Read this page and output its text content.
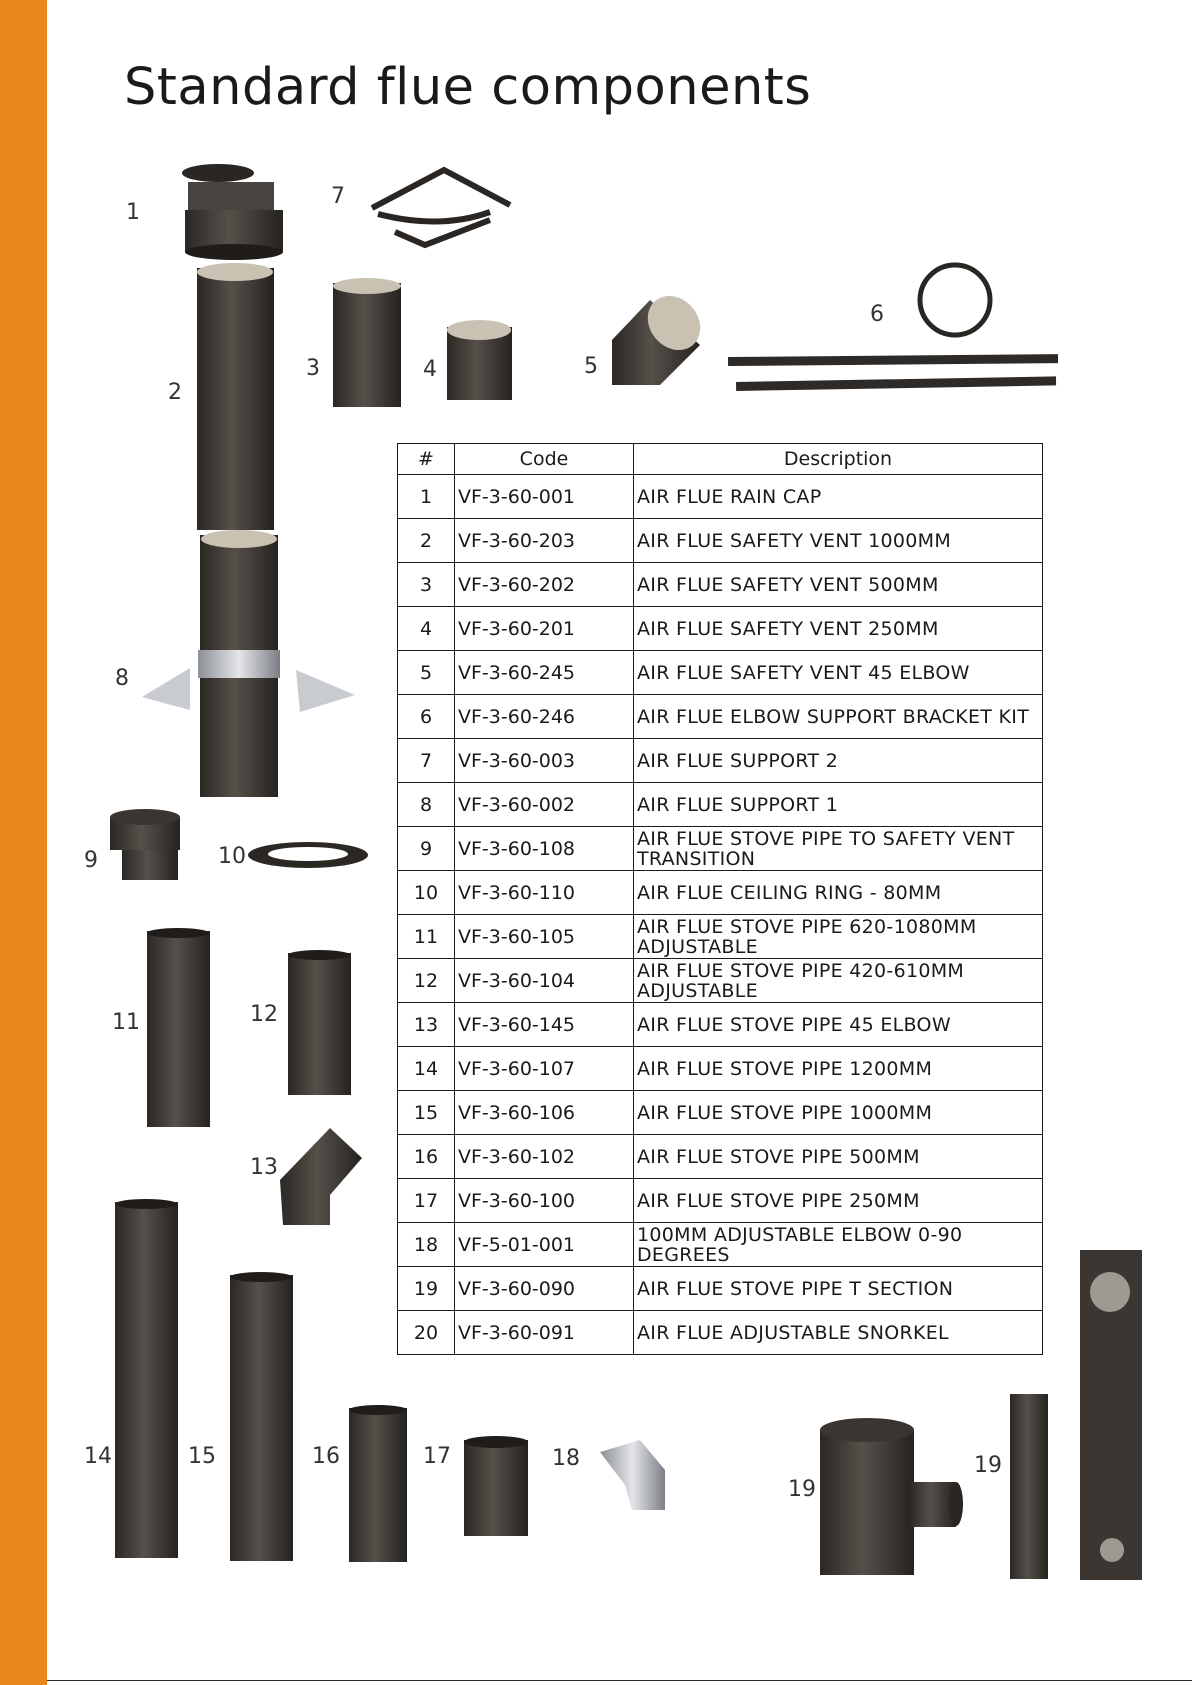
Standard flue components
1
7
6
2
3	4	5
8
9	10
11	12
13
14	15	16	17	18
19
19
#	Code	Description
1	VF-3-60-001	AIR FLUE RAIN CAP
2	VF-3-60-203	AIR FLUE SAFETY VENT 1000MM
3	VF-3-60-202	AIR FLUE SAFETY VENT 500MM
4	VF-3-60-201	AIR FLUE SAFETY VENT 250MM
5	VF-3-60-245	AIR FLUE SAFETY VENT 45 ELBOW
6	VF-3-60-246	AIR FLUE ELBOW SUPPORT BRACKET KIT
7	VF-3-60-003	AIR FLUE SUPPORT 2
8	VF-3-60-002	AIR FLUE SUPPORT 1
9	VF-3-60-108	AIR FLUE STOVE PIPE TO SAFETY VENT TRANSITION
10	VF-3-60-110	AIR FLUE CEILING RING - 80MM
11	VF-3-60-105	AIR FLUE STOVE PIPE 620-1080MM ADJUSTABLE
12	VF-3-60-104	AIR FLUE STOVE PIPE 420-610MM ADJUSTABLE
13	VF-3-60-145	AIR FLUE STOVE PIPE 45 ELBOW
14	VF-3-60-107	AIR FLUE STOVE PIPE 1200MM
15	VF-3-60-106	AIR FLUE STOVE PIPE 1000MM
16	VF-3-60-102	AIR FLUE STOVE PIPE 500MM
17	VF-3-60-100	AIR FLUE STOVE PIPE 250MM
18	VF-5-01-001	100MM ADJUSTABLE ELBOW 0-90 DEGREES
19	VF-3-60-090	AIR FLUE STOVE PIPE T SECTION
20	VF-3-60-091	AIR FLUE ADJUSTABLE SNORKEL
